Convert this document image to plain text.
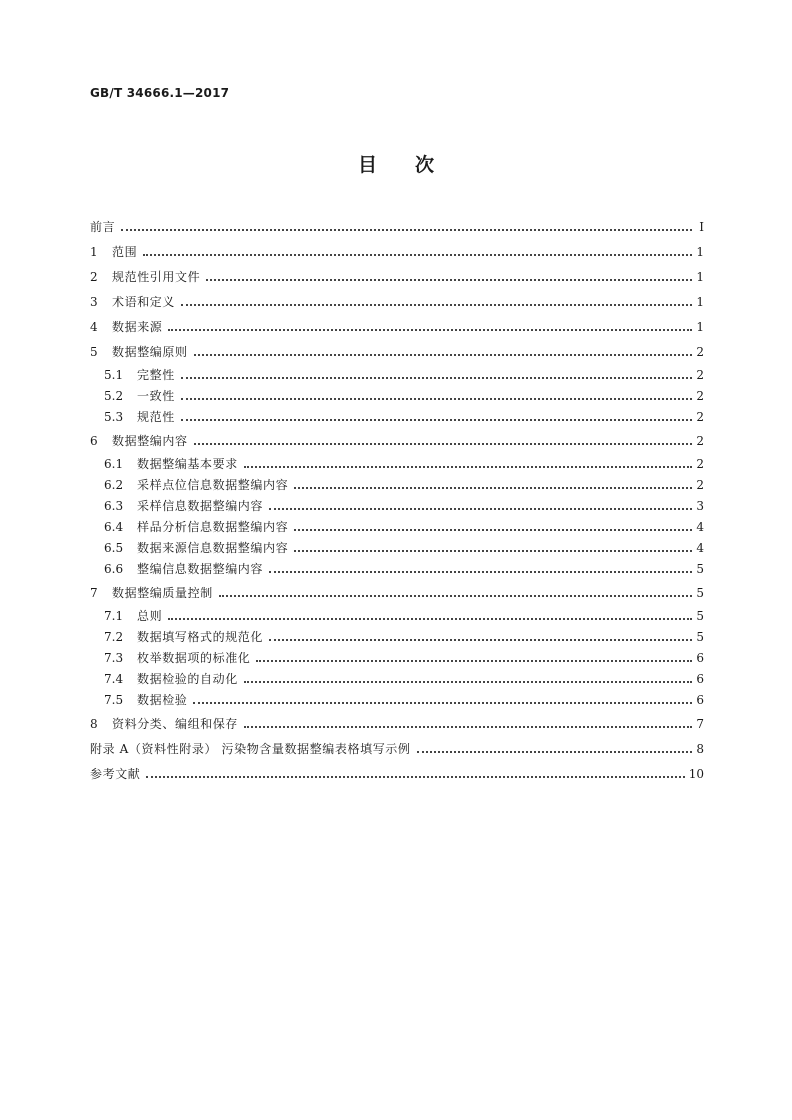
GB/T 34666.1—2017
目次
前言	Ⅰ
1 范围	1
2 规范性引用文件	1
3 术语和定义	1
4 数据来源	1
5 数据整编原则	2
5.1 完整性	2
5.2 一致性	2
5.3 规范性	2
6 数据整编内容	2
6.1 数据整编基本要求	2
6.2 采样点位信息数据整编内容	2
6.3 采样信息数据整编内容	3
6.4 样品分析信息数据整编内容	4
6.5 数据来源信息数据整编内容	4
6.6 整编信息数据整编内容	5
7 数据整编质量控制	5
7.1 总则	5
7.2 数据填写格式的规范化	5
7.3 枚举数据项的标准化	6
7.4 数据检验的自动化	6
7.5 数据检验	6
8 资料分类、编组和保存	7
附录 A（资料性附录） 污染物含量数据整编表格填写示例	8
参考文献	10
